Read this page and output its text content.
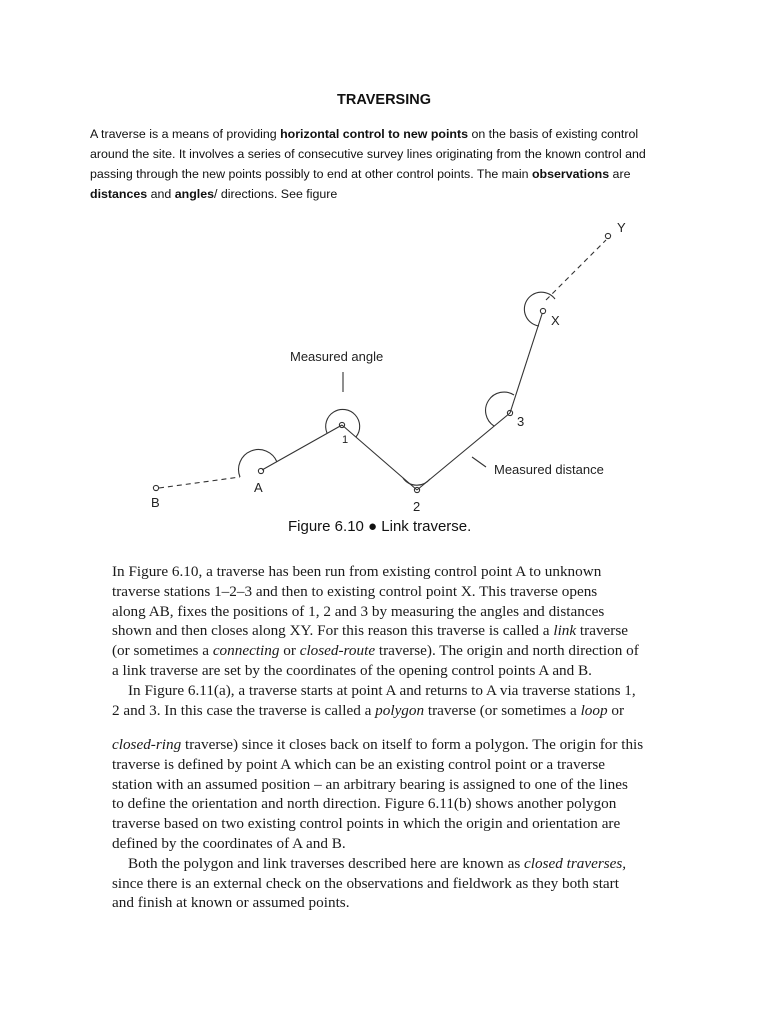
TRAVERSING
A traverse is a means of providing horizontal control to new points on the basis of existing control
around the site. It involves a series of consecutive survey lines originating from the known control and
passing through the new points possibly to end at other control points. The main observations are
distances and angles/ directions. See figure
Measured angle
Measured distance
B
A
1
2
3
X
Y
Figure 6.10 ● Link traverse.
In Figure 6.10, a traverse has been run from existing control point A to unknown
traverse stations 1–2–3 and then to existing control point X. This traverse opens
along AB, fixes the positions of 1, 2 and 3 by measuring the angles and distances
shown and then closes along XY. For this reason this traverse is called a link traverse
(or sometimes a connecting or closed-route traverse). The origin and north direction of
a link traverse are set by the coordinates of the opening control points A and B.
In Figure 6.11(a), a traverse starts at point A and returns to A via traverse stations 1,
2 and 3. In this case the traverse is called a polygon traverse (or sometimes a loop or
closed-ring traverse) since it closes back on itself to form a polygon. The origin for this
traverse is defined by point A which can be an existing control point or a traverse
station with an assumed position – an arbitrary bearing is assigned to one of the lines
to define the orientation and north direction. Figure 6.11(b) shows another polygon
traverse based on two existing control points in which the origin and orientation are
defined by the coordinates of A and B.
Both the polygon and link traverses described here are known as closed traverses,
since there is an external check on the observations and fieldwork as they both start
and finish at known or assumed points.
